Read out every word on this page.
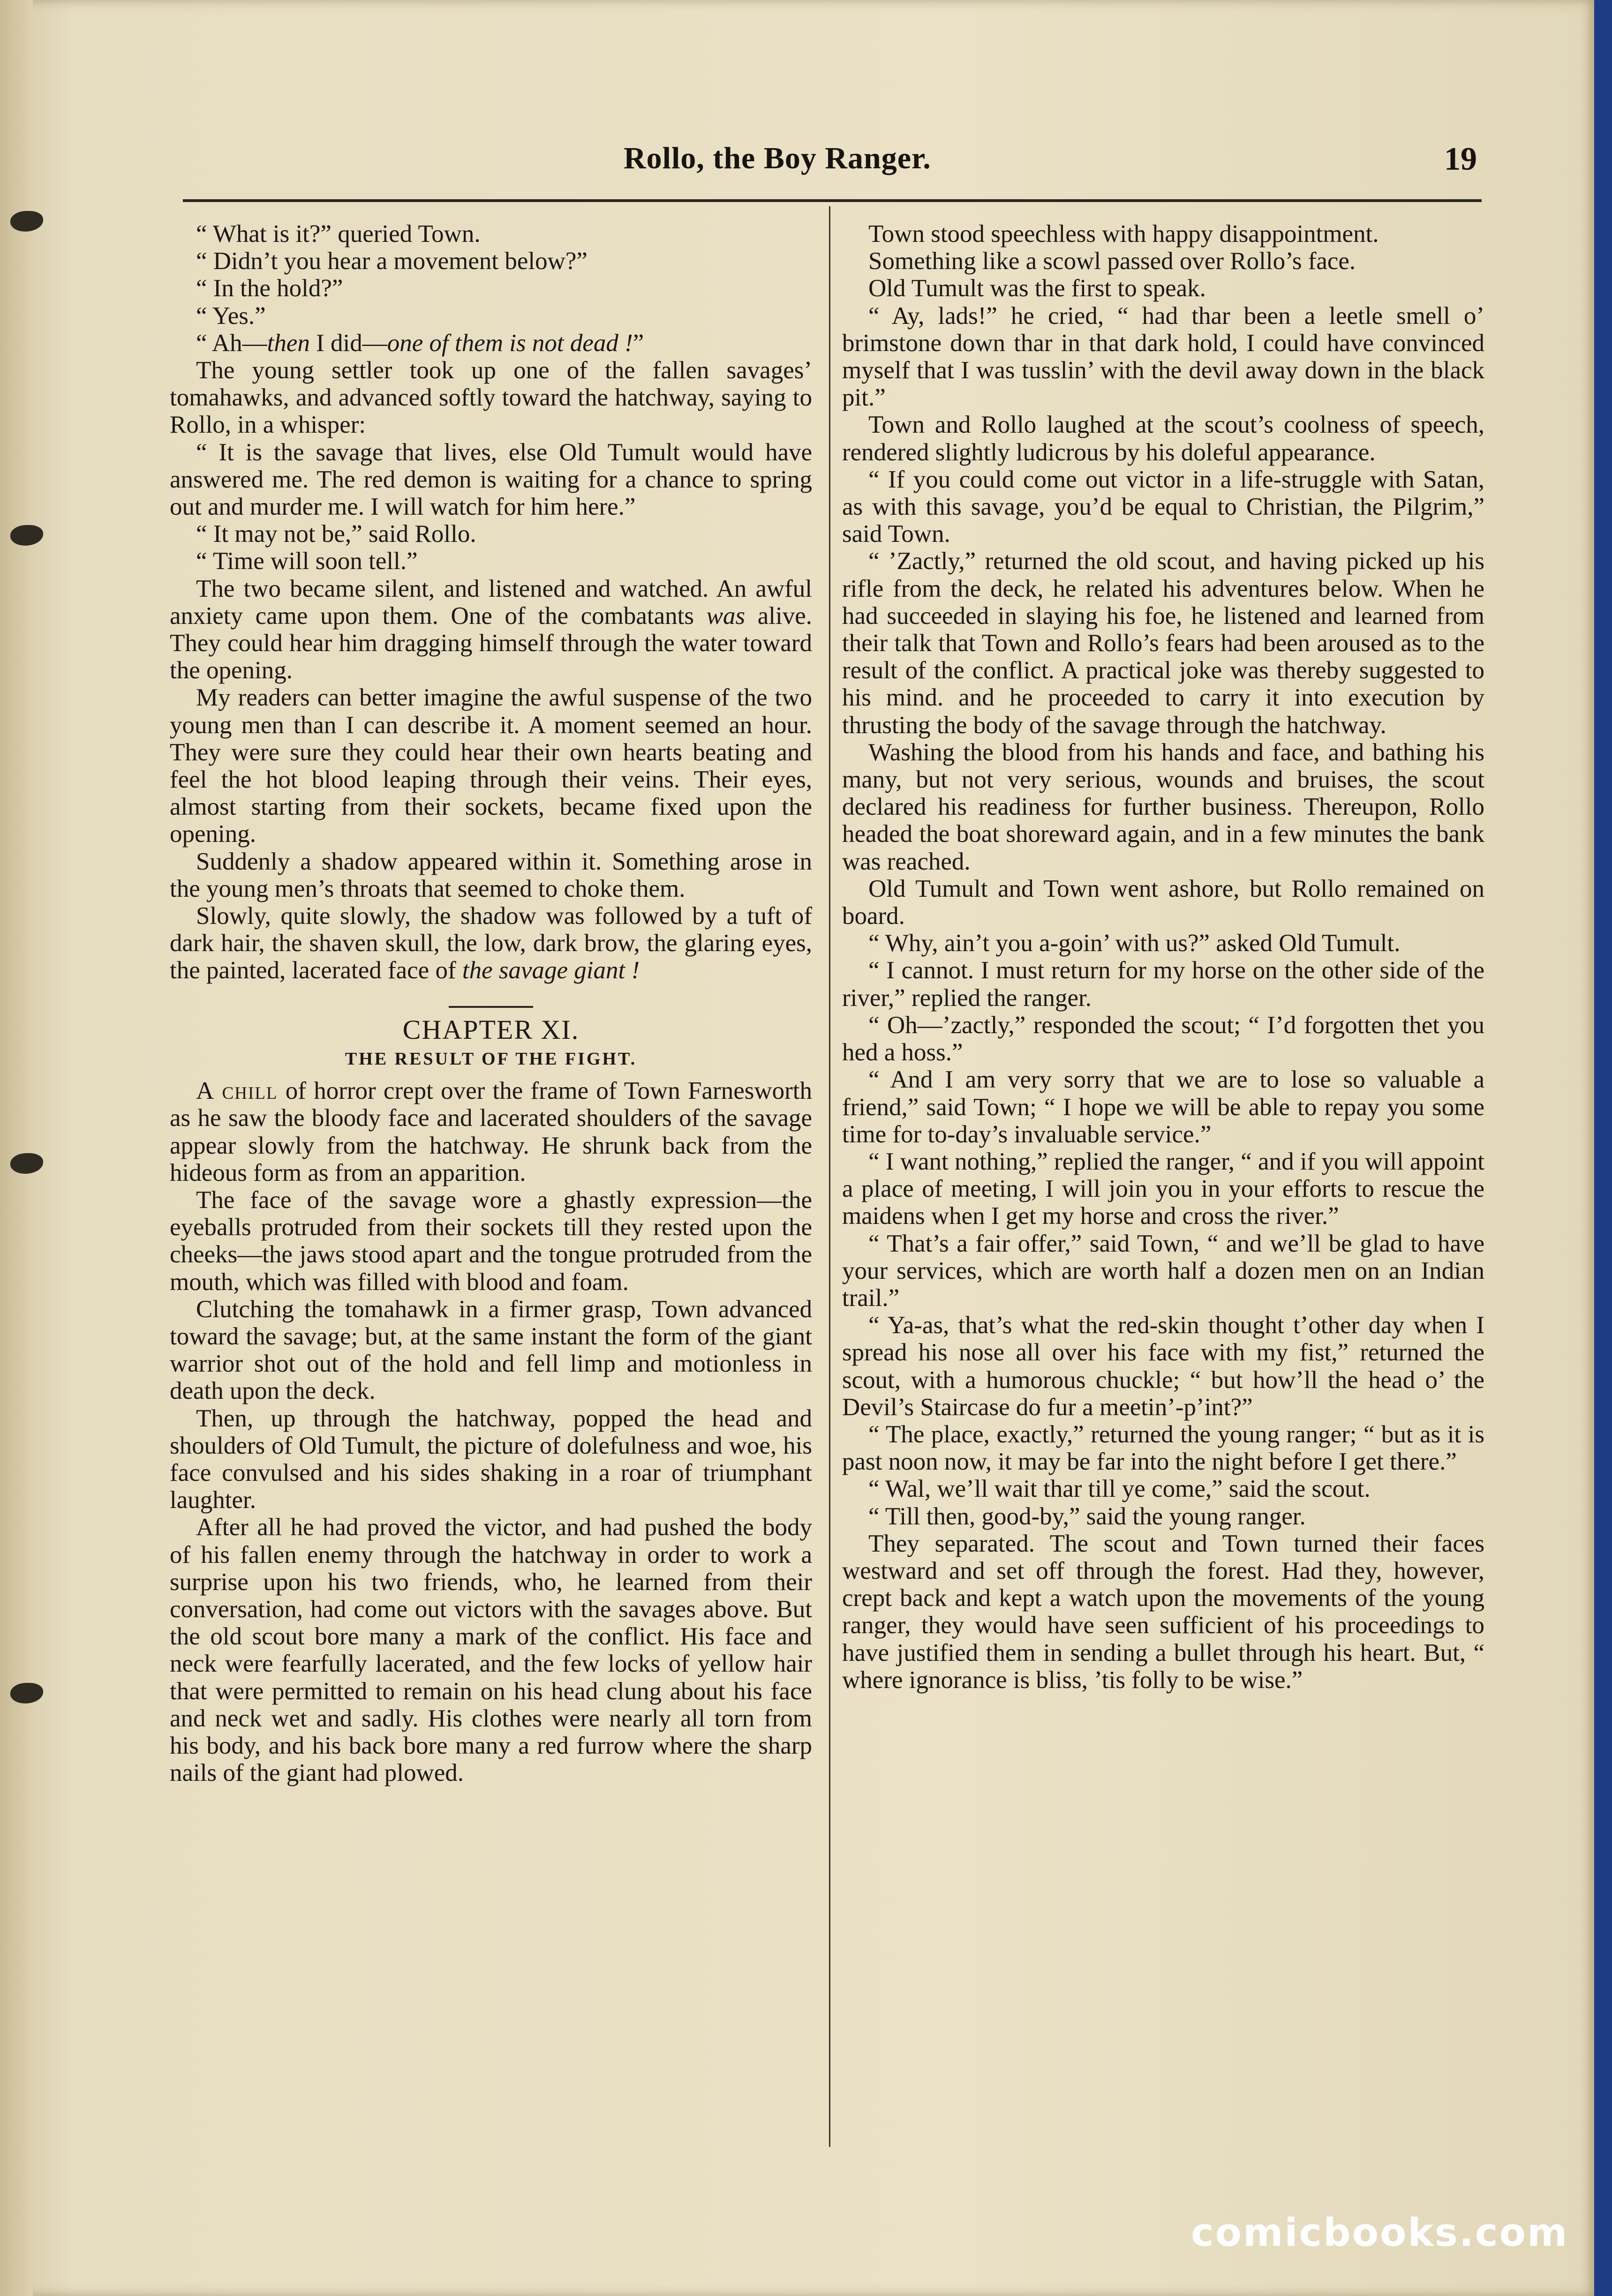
Rollo, the Boy Ranger.	19

“ What is it?” queried Town.

“ Didn’t you hear a movement below?”

“ In the hold?”

“ Yes.”

“ Ah—then I did—one of them is not dead !”

The young settler took up one of the fallen savages’ tomahawks, and advanced softly toward the hatchway, saying to Rollo, in a whisper:

“ It is the savage that lives, else Old Tumult would have answered me. The red demon is waiting for a chance to spring out and murder me. I will watch for him here.”

“ It may not be,” said Rollo.

“ Time will soon tell.”

The two became silent, and listened and watched. An awful anxiety came upon them. One of the combatants was alive. They could hear him dragging himself through the water toward the opening.

My readers can better imagine the awful suspense of the two young men than I can describe it. A moment seemed an hour. They were sure they could hear their own hearts beating and feel the hot blood leaping through their veins. Their eyes, almost starting from their sockets, became fixed upon the opening.

Suddenly a shadow appeared within it. Something arose in the young men’s throats that seemed to choke them.

Slowly, quite slowly, the shadow was followed by a tuft of dark hair, the shaven skull, the low, dark brow, the glaring eyes, the painted, lacerated face of the savage giant !

CHAPTER XI.
THE RESULT OF THE FIGHT.

A chill of horror crept over the frame of Town Farnesworth as he saw the bloody face and lacerated shoulders of the savage appear slowly from the hatchway. He shrunk back from the hideous form as from an apparition.

The face of the savage wore a ghastly expression—the eyeballs protruded from their sockets till they rested upon the cheeks—the jaws stood apart and the tongue protruded from the mouth, which was filled with blood and foam.

Clutching the tomahawk in a firmer grasp, Town advanced toward the savage; but, at the same instant the form of the giant warrior shot out of the hold and fell limp and motionless in death upon the deck.

Then, up through the hatchway, popped the head and shoulders of Old Tumult, the picture of dolefulness and woe, his face convulsed and his sides shaking in a roar of triumphant laughter.

After all he had proved the victor, and had pushed the body of his fallen enemy through the hatchway in order to work a surprise upon his two friends, who, he learned from their conversation, had come out victors with the savages above. But the old scout bore many a mark of the conflict. His face and neck were fearfully lacerated, and the few locks of yellow hair that were permitted to remain on his head clung about his face and neck wet and sadly. His clothes were nearly all torn from his body, and his back bore many a red furrow where the sharp nails of the giant had plowed.

Town stood speechless with happy disappointment.

Something like a scowl passed over Rollo’s face.

Old Tumult was the first to speak.

“ Ay, lads!” he cried, “ had thar been a leetle smell o’ brimstone down thar in that dark hold, I could have convinced myself that I was tusslin’ with the devil away down in the black pit.”

Town and Rollo laughed at the scout’s coolness of speech, rendered slightly ludicrous by his doleful appearance.

“ If you could come out victor in a life-struggle with Satan, as with this savage, you’d be equal to Christian, the Pilgrim,” said Town.

“ ’Zactly,” returned the old scout, and having picked up his rifle from the deck, he related his adventures below. When he had succeeded in slaying his foe, he listened and learned from their talk that Town and Rollo’s fears had been aroused as to the result of the conflict. A practical joke was thereby suggested to his mind. and he proceeded to carry it into execution by thrusting the body of the savage through the hatchway.

Washing the blood from his hands and face, and bathing his many, but not very serious, wounds and bruises, the scout declared his readiness for further business. Thereupon, Rollo headed the boat shoreward again, and in a few minutes the bank was reached.

Old Tumult and Town went ashore, but Rollo remained on board.

“ Why, ain’t you a-goin’ with us?” asked Old Tumult.

“ I cannot. I must return for my horse on the other side of the river,” replied the ranger.

“ Oh—’zactly,” responded the scout; “ I’d forgotten thet you hed a hoss.”

“ And I am very sorry that we are to lose so valuable a friend,” said Town; “ I hope we will be able to repay you some time for to-day’s invaluable service.”

“ I want nothing,” replied the ranger, “ and if you will appoint a place of meeting, I will join you in your efforts to rescue the maidens when I get my horse and cross the river.”

“ That’s a fair offer,” said Town, “ and we’ll be glad to have your services, which are worth half a dozen men on an Indian trail.”

“ Ya-as, that’s what the red-skin thought t’other day when I spread his nose all over his face with my fist,” returned the scout, with a humorous chuckle; “ but how’ll the head o’ the Devil’s Staircase do fur a meetin’-p’int?”

“ The place, exactly,” returned the young ranger; “ but as it is past noon now, it may be far into the night before I get there.”

“ Wal, we’ll wait thar till ye come,” said the scout.

“ Till then, good-by,” said the young ranger.

They separated. The scout and Town turned their faces westward and set off through the forest. Had they, however, crept back and kept a watch upon the movements of the young ranger, they would have seen sufficient of his proceedings to have justified them in sending a bullet through his heart. But, “ where ignorance is bliss, ’tis folly to be wise.”

comicbooks.com
